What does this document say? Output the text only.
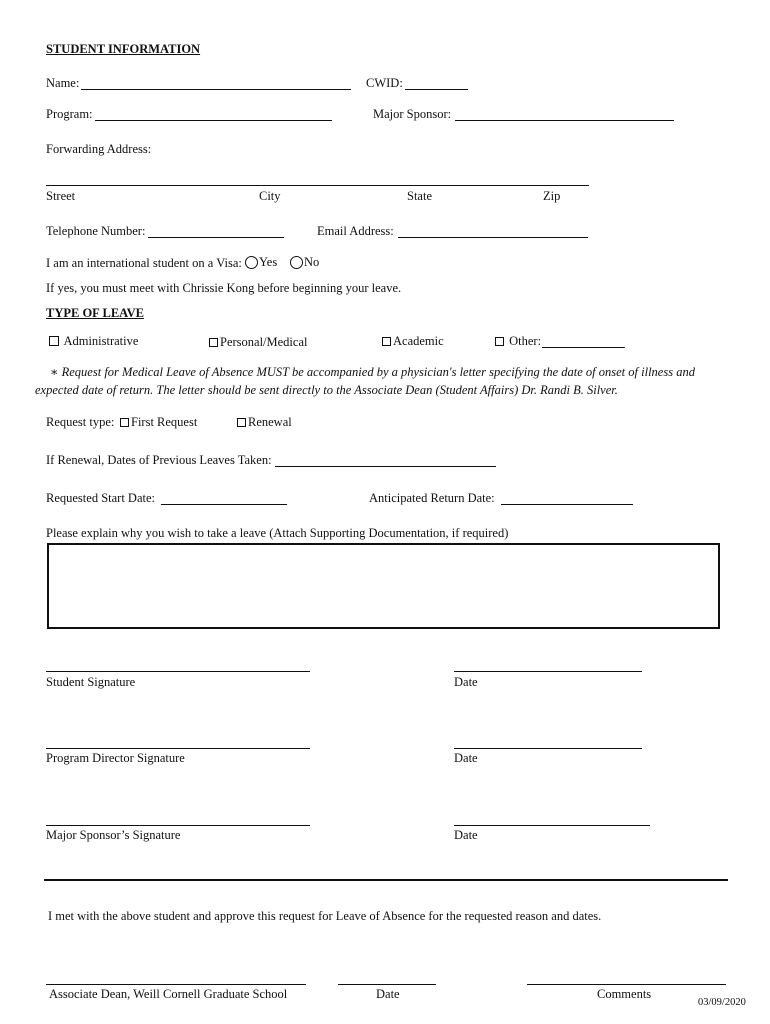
STUDENT INFORMATION
Name:	CWID:
Program:	Major Sponsor:
Forwarding Address:
Street	City	State	Zip
Telephone Number:	Email Address:
I am an international student on a Visa:	Yes	No
If yes, you must meet with Chrissie Kong before beginning your leave.
TYPE OF LEAVE
Administrative	Personal/Medical	Academic	Other:
∗ Request for Medical Leave of Absence MUST be accompanied by a physician's letter specifying the date of onset of illness and
expected date of return. The letter should be sent directly to the Associate Dean (Student Affairs) Dr. Randi B. Silver.
Request type:	First Request	Renewal
If Renewal, Dates of Previous Leaves Taken:
Requested Start Date:	Anticipated Return Date:
Please explain why you wish to take a leave (Attach Supporting Documentation, if required)
Student Signature	Date
Program Director Signature	Date
Major Sponsor’s Signature	Date
I met with the above student and approve this request for Leave of Absence for the requested reason and dates.
Associate Dean, Weill Cornell Graduate School	Date	Comments
03/09/2020
